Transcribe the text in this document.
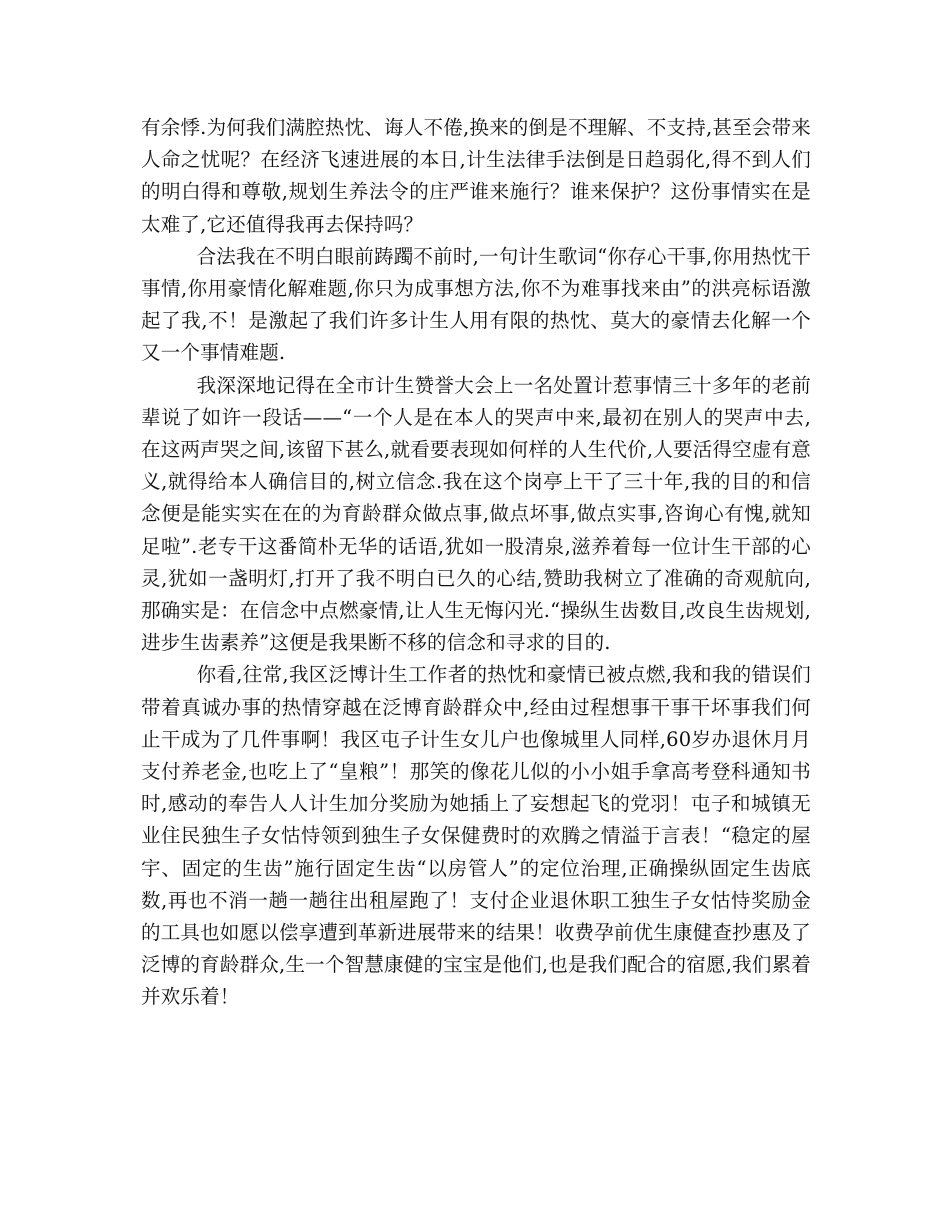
有余悸.为何我们满腔热忱、诲人不倦,换来的倒是不理解、不支持,甚至会带来人命之忧呢？在经济飞速进展的本日,计生法律手法倒是日趋弱化,得不到人们的明白得和尊敬,规划生养法令的庄严谁来施行？谁来保护？这份事情实在是太难了,它还值得我再去保持吗？

合法我在不明白眼前踌躅不前时,一句计生歌词“你存心干事,你用热忱干事情,你用豪情化解难题,你只为成事想方法,你不为难事找来由”的洪亮标语激起了我,不！是激起了我们许多计生人用有限的热忱、莫大的豪情去化解一个又一个事情难题.

我深深地记得在全市计生赞誉大会上一名处置计惹事情三十多年的老前辈说了如许一段话——“一个人是在本人的哭声中来,最初在别人的哭声中去,在这两声哭之间,该留下甚么,就看要表现如何样的人生代价,人要活得空虚有意义,就得给本人确信目的,树立信念.我在这个岗亭上干了三十年,我的目的和信念便是能实实在在的为育龄群众做点事,做点坏事,做点实事,咨询心有愧,就知足啦”.老专干这番简朴无华的话语,犹如一股清泉,滋养着每一位计生干部的心灵,犹如一盏明灯,打开了我不明白已久的心结,赞助我树立了准确的奇观航向,那确实是：在信念中点燃豪情,让人生无悔闪光.“操纵生齿数目,改良生齿规划,进步生齿素养”这便是我果断不移的信念和寻求的目的.

你看,往常,我区泛博计生工作者的热忱和豪情已被点燃,我和我的错误们带着真诚办事的热情穿越在泛博育龄群众中,经由过程想事干事干坏事我们何止干成为了几件事啊！我区屯子计生女儿户也像城里人同样,60岁办退休月月支付养老金,也吃上了“皇粮”！那笑的像花儿似的小小姐手拿高考登科通知书时,感动的奉告人人计生加分奖励为她插上了妄想起飞的党羽！屯子和城镇无业住民独生子女怙恃领到独生子女保健费时的欢腾之情溢于言表！“稳定的屋宇、固定的生齿”施行固定生齿“以房管人”的定位治理,正确操纵固定生齿底数,再也不消一趟一趟往出租屋跑了！支付企业退休职工独生子女怙恃奖励金的工具也如愿以偿享遭到革新进展带来的结果！收费孕前优生康健查抄惠及了泛博的育龄群众,生一个智慧康健的宝宝是他们,也是我们配合的宿愿,我们累着并欢乐着！
